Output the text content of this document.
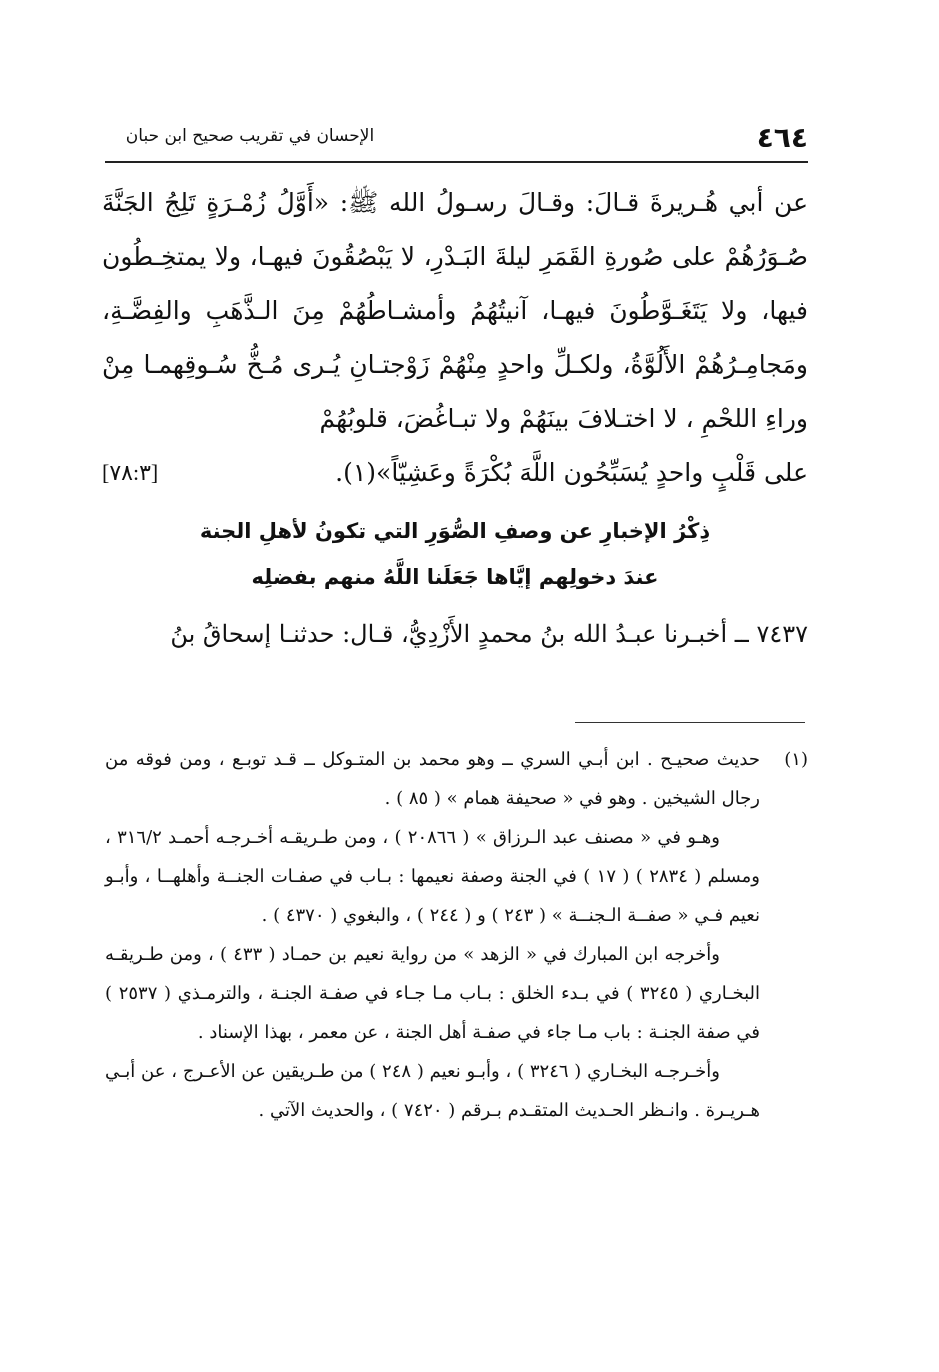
٤٦٤
الإحسان في تقريب صحيح ابن حبان
عن أبي هُـريرةَ قـالَ: وقـالَ رسـولُ الله ﷺ: «أَوَّلُ زُمْـرَةٍ تَلِجُ الجَنَّةَ صُـوَرُهُمْ على صُورةِ القَمَرِ ليلةَ البَـدْرِ، لا يَبْصُقُونَ فيهـا، ولا يمتخِـطُون فيها، ولا يَتَغَـوَّطُونَ فيهـا، آنيتُهُمُ وأمشـاطُهُمْ مِنَ الـذَّهَبِ والفِضَّـةِ، ومَجامِـرُهُمْ الأَلُوَّةُ، ولكـلِّ واحدٍ مِنْهُمْ زَوْجتـانِ يُـرى مُـخُّ سُـوقِهمـا مِنْ وراءِ اللحْمِ ، لا اختـلافَ بينَهُمْ ولا تبـاغُضَ، قلوبُهُمْ
على قَلْبٍ واحدٍ يُسَبِّحُون اللَّهَ بُكْرَةً وعَشِيّاً»(١).
[٧٨:٣]
ذِكْرُ الإخبارِ عن وصفِ الصُّوَرِ التي تكونُ لأهلِ الجنة
عندَ دخولِهم إيَّاها جَعَلَنا اللَّهُ منهم بفضلِه
٧٤٣٧ ــ أخبـرنا عبـدُ الله بنُ محمدٍ الأَزْدِيُّ، قـال: حدثنـا إسحاقُ بنُ
(١)

حديث صحيـح . ابن أبـي السري ــ وهو محمد بن المتـوكل ــ قـد توبـع ، ومن فوقه من رجال الشيخين . وهو في « صحيفة همام » ( ٨٥ ) .

وهـو في « مصنف عبد الـرزاق » ( ٢٠٨٦٦ ) ، ومن طـريقـه أخـرجـه أحمـد ٣١٦/٢ ، ومسلم ( ٢٨٣٤ ) ( ١٧ ) في الجنة وصفة نعيمها : بـاب في صفـات الجنــة وأهلهــا ، وأبـو نعيم فـي « صفــة الـجنــة » ( ٢٤٣ ) و ( ٢٤٤ ) ، والبغوي ( ٤٣٧٠ ) .

وأخرجه ابن المبارك في « الزهد » من رواية نعيم بن حمـاد ( ٤٣٣ ) ، ومن طـريقـه البخـاري ( ٣٢٤٥ ) في بـدء الخلق : بـاب مـا جـاء في صفـة الجنـة ، والترمـذي ( ٢٥٣٧ ) في صفة الجنـة : باب مـا جاء في صفـة أهل الجنة ، عن معمر ، بهذا الإسناد .

وأخـرجـه البخـاري ( ٣٢٤٦ ) ، وأبـو نعيم ( ٢٤٨ ) من طـريقين عن الأعـرج ، عن أبـي هـريـرة . وانـظر الحـديث المتقـدم بـرقم ( ٧٤٢٠ ) ، والحديث الآتي .
